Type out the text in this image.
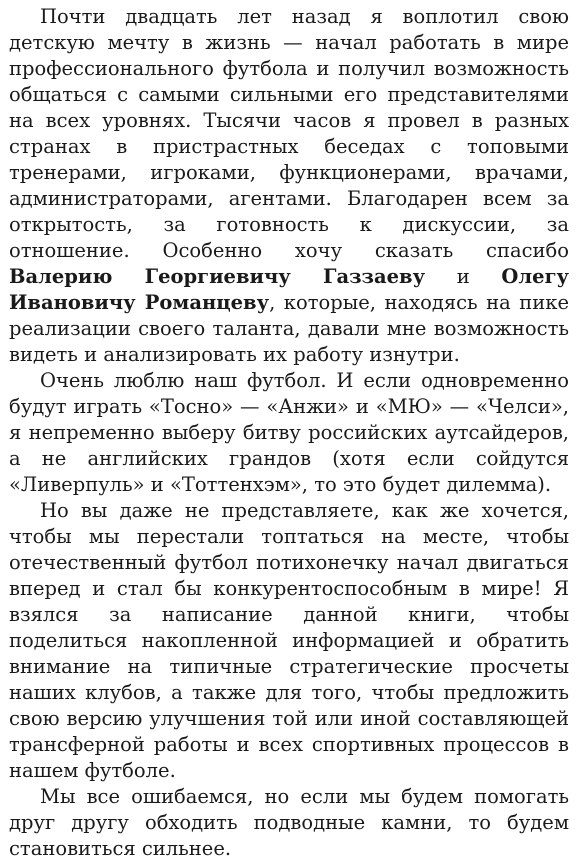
Почти двадцать лет назад я воплотил свою детскую мечту в жизнь — начал работать в мире профессионального футбола и получил возможность общаться с самыми сильными его представителями на всех уровнях. Тысячи часов я провел в разных странах в пристрастных беседах с топовыми тренерами, игроками, функционерами, врачами, администраторами, агентами. Благодарен всем за открытость, за готовность к дискуссии, за отношение. Особенно хочу сказать спасибо Валерию Георгиевичу Газзаеву и Олегу Ивановичу Романцеву, которые, находясь на пике реализации своего таланта, давали мне возможность видеть и анализировать их работу изнутри.

Очень люблю наш футбол. И если одновременно будут играть «Тосно» — «Анжи» и «МЮ» — «Челси», я непременно выберу битву российских аутсайдеров, а не английских грандов (хотя если сойдутся «Ливерпуль» и «Тоттенхэм», то это будет дилемма).

Но вы даже не представляете, как же хочется, чтобы мы перестали топтаться на месте, чтобы отечественный футбол потихонечку начал двигаться вперед и стал бы конкурентоспособным в мире! Я взялся за написание данной книги, чтобы поделиться накопленной информацией и обратить внимание на типичные стратегические просчеты наших клубов, а также для того, чтобы предложить свою версию улучшения той или иной составляющей трансферной работы и всех спортивных процессов в нашем футболе.

Мы все ошибаемся, но если мы будем помогать друг другу обходить подводные камни, то будем становиться сильнее.
